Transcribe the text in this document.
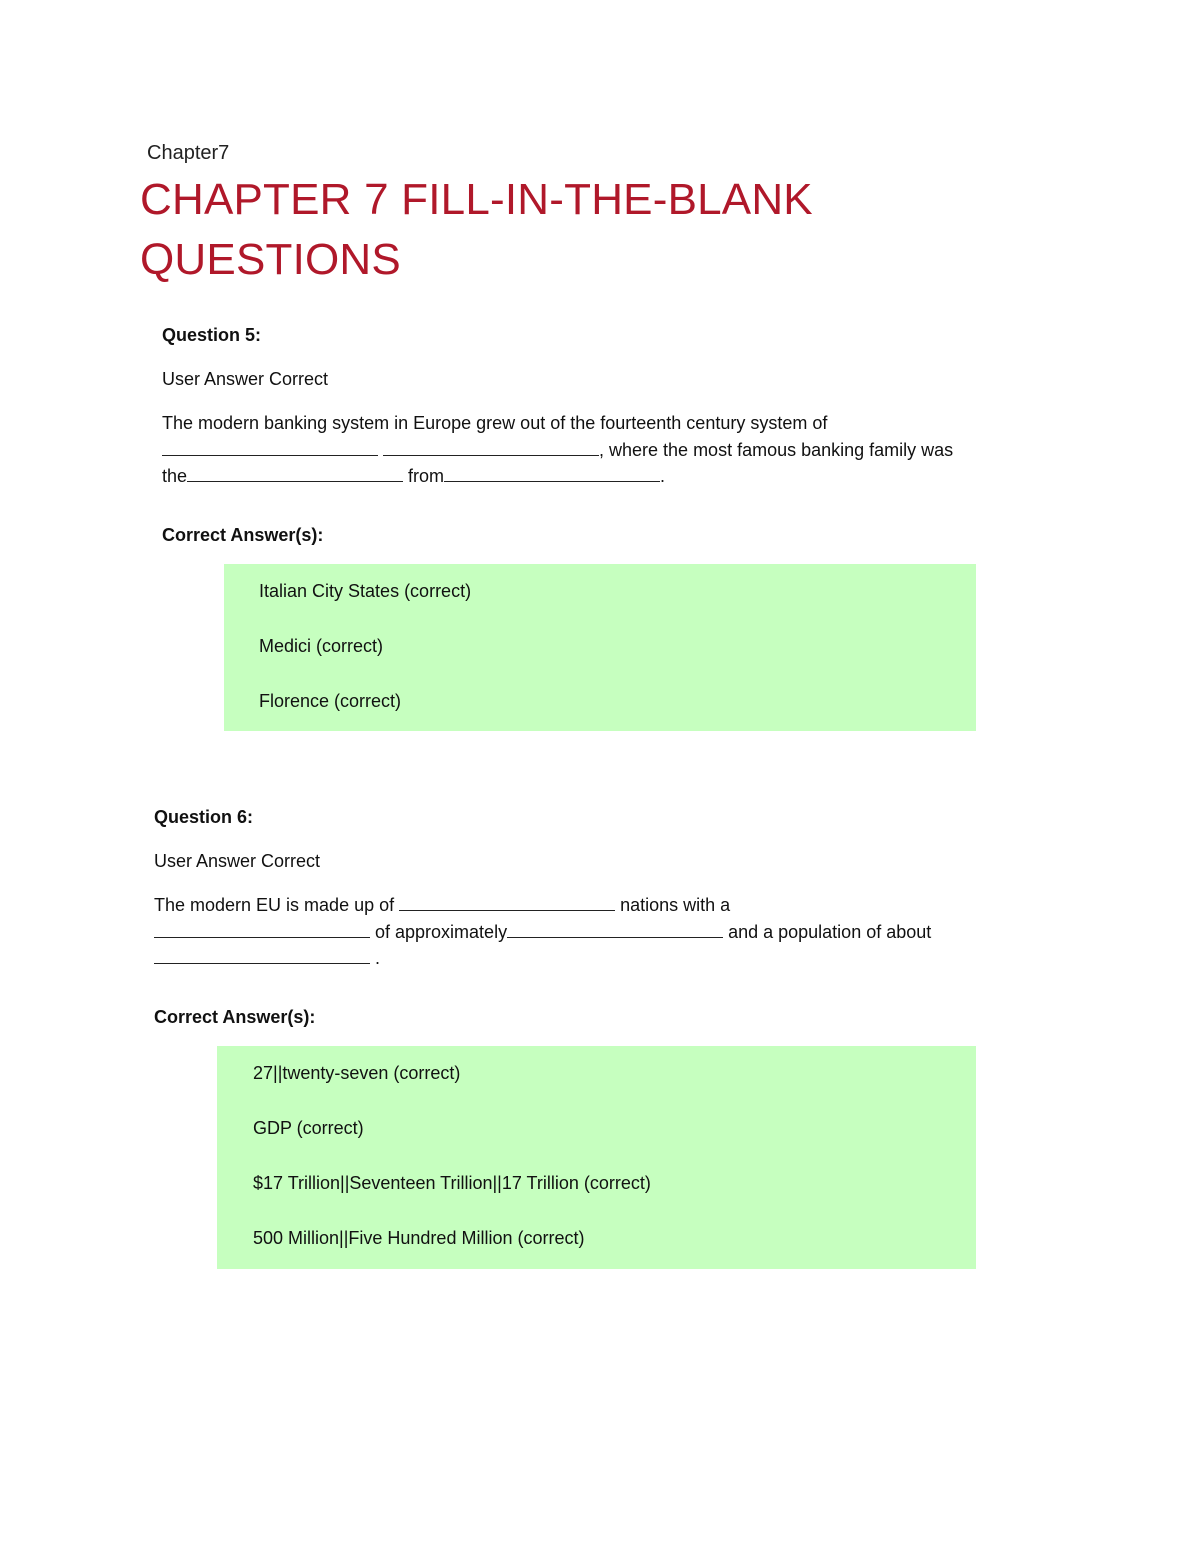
Chapter7
CHAPTER 7 FILL-IN-THE-BLANK QUESTIONS
Question 5:
User Answer Correct
The modern banking system in Europe grew out of the fourteenth century system of
, where the most famous banking family was the	from	.
Correct Answer(s):
Italian City States (correct)
Medici (correct)
Florence (correct)
Question 6:
User Answer Correct
The modern EU is made up of	nations with a
of approximately	and a population of about .
Correct Answer(s):
27||twenty-seven (correct)
GDP (correct)
$17 Trillion||Seventeen Trillion||17 Trillion (correct)
500 Million||Five Hundred Million (correct)
